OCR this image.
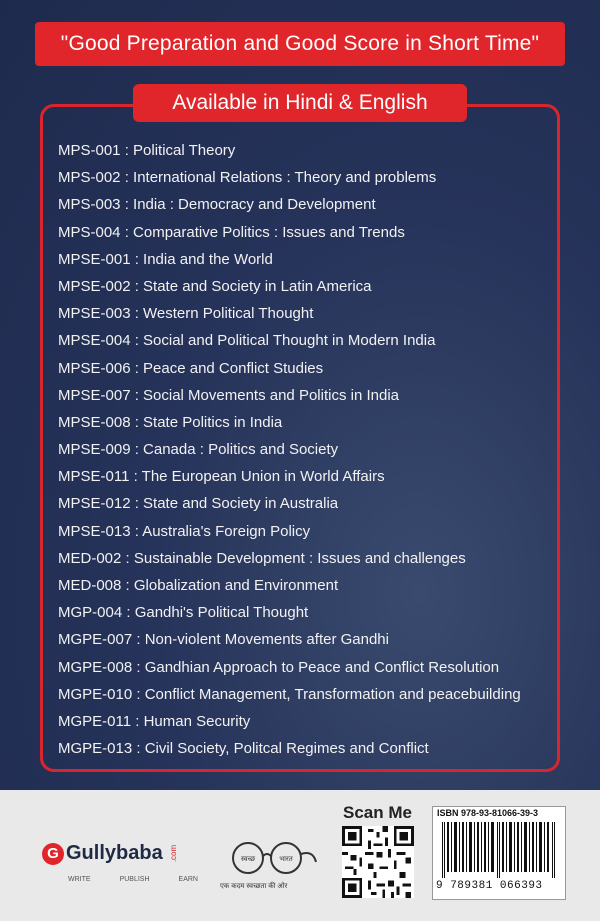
"Good Preparation and Good Score in Short Time"
Available in Hindi & English
MPS-001 : Political Theory
MPS-002 : International Relations : Theory and problems
MPS-003 : India : Democracy and Development
MPS-004 : Comparative Politics : Issues and Trends
MPSE-001 : India and the World
MPSE-002 : State and Society in Latin America
MPSE-003 : Western Political Thought
MPSE-004 : Social and Political Thought in Modern India
MPSE-006 : Peace and Conflict Studies
MPSE-007 : Social Movements and Politics in India
MPSE-008 : State Politics in India
MPSE-009 : Canada : Politics and Society
MPSE-011 : The European Union in World Affairs
MPSE-012 : State and Society in Australia
MPSE-013 : Australia's Foreign Policy
MED-002 : Sustainable Development : Issues and challenges
MED-008 : Globalization and Environment
MGP-004 : Gandhi's Political Thought
MGPE-007 : Non-violent Movements after Gandhi
MGPE-008 : Gandhian Approach to Peace and Conflict Resolution
MGPE-010 : Conflict Management, Transformation and peacebuilding
MGPE-011 : Human Security
MGPE-013 : Civil Society, Politcal Regimes and Conflict
G Gullybaba .com
WRITE	PUBLISH	EARN
स्वच्छ	भारत
एक कदम स्वच्छता की ओर
Scan Me	ISBN 978-93-81066-39-3
9 789381 066393
